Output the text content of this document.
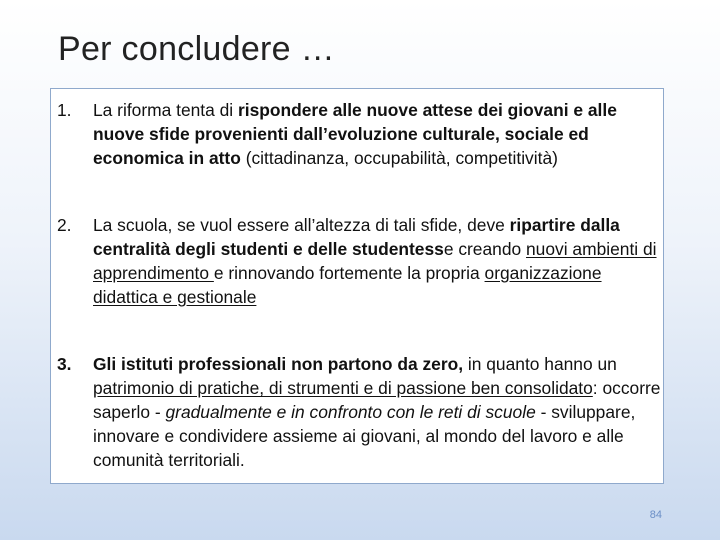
Per concludere …
1. La riforma tenta di rispondere alle nuove attese dei giovani e alle nuove sfide provenienti dall’evoluzione culturale, sociale ed economica in atto (cittadinanza, occupabilità, competitività)
2. La scuola, se vuol essere all’altezza di tali sfide, deve ripartire dalla centralità degli studenti e delle studentesse creando nuovi ambienti di apprendimento e rinnovando fortemente la propria organizzazione didattica e gestionale
3. Gli istituti professionali non partono da zero, in quanto hanno un patrimonio di pratiche, di strumenti e di passione ben consolidato: occorre saperlo - gradualmente e in confronto con le reti di scuole - sviluppare, innovare e condividere assieme ai giovani, al mondo del lavoro e alle comunità territoriali.
84
